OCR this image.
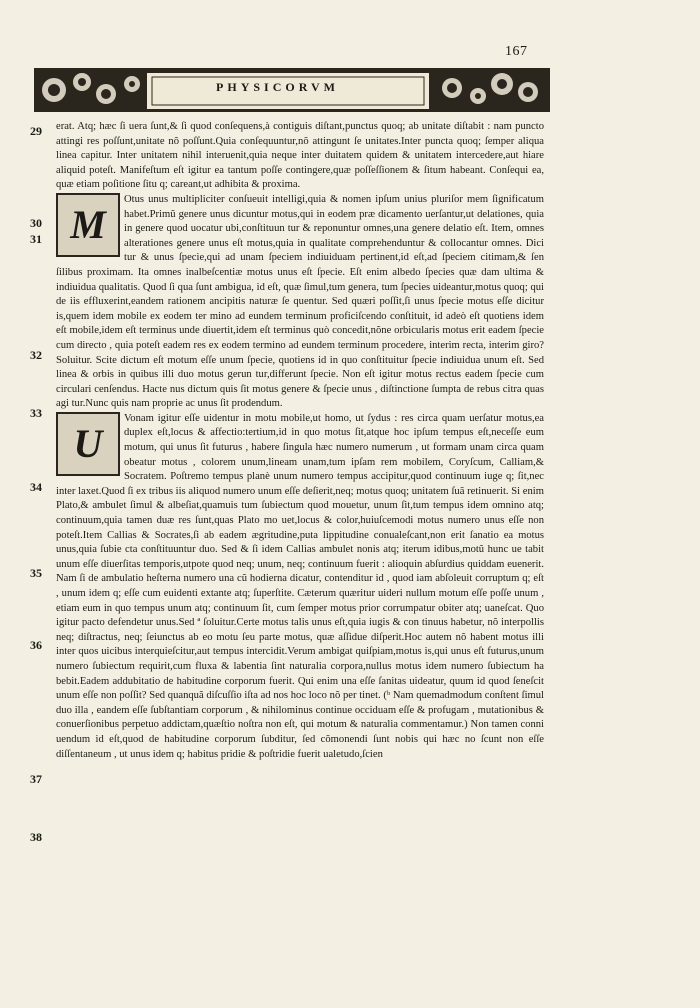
167
PHYSICORVM
29
30
31
32
33
34
35
36
37
38

erat. Atq; hæc ſi uera ſunt,& ſi quod conſequens,à contiguis diſtant,punctus quoq; ab unitate diſtabit : nam puncto attingi res poſſunt,unitate nõ poſſunt.Quia conſequuntur,nõ attingunt ſe unitates.Inter puncta quoq; ſemper aliqua linea capitur. Inter unitatem nihil interuenit,quia neque inter duitatem quidem & unitatem intercedere,aut hiare aliquid poteſt. Manifeſtum eſt igitur ea tantum poſſe contingere,quæ poſſeſſionem & ſitum habeant. Conſequi ea, quæ etiam poſitione ſitu q; careant,ut adhibita & proxima.

M
Otus unus multipliciter conſueuit intelligi,quia & nomen ipſum unius pluriſor mem ſignificatum habet.Primũ genere unus dicuntur motus,qui in eodem præ dicamento uerſantur,ut delationes, quia in genere quod uocatur ubi,conſtituun tur & reponuntur omnes,una genere delatio eſt. Item, omnes alterationes genere unus eſt motus,quia in qualitate comprehenduntur & collocantur omnes. Dici tur & unus ſpecie,qui ad unam ſpeciem indiuiduam pertinent,id eſt,ad ſpeciem citimam,& ſen ſilibus proximam. Ita omnes inalbeſcentiæ motus unus eſt ſpecie. Eſt enim albedo ſpecies quæ dam ultima & indiuidua qualitatis. Quod ſi qua ſunt ambigua, id eſt, quæ ſimul,tum genera, tum ſpecies uideantur,motus quoq; qui de iis effluxerint,eandem rationem ancipitis naturæ ſe quentur. Sed quæri poſſit,ſi unus ſpecie motus eſſe dicitur is,quem idem mobile ex eodem ter mino ad eundem terminum proficiſcendo conſtituit, id adeò eſt quotiens idem eſt mobile,idem eſt terminus unde diuertit,idem eſt terminus quò concedit,nõne orbicularis motus erit eadem ſpecie cum directo , quia poteſt eadem res ex eodem termino ad eundem terminum procedere, interim recta, interim giro? Soluitur. Scite dictum eſt motum eſſe unum ſpecie, quotiens id in quo conſtituitur ſpecie indiuidua unum eſt. Sed linea & orbis in quibus illi duo motus gerun tur,differunt ſpecie. Non eſt igitur motus rectus eadem ſpecie cum circulari cenſendus. Hacte nus dictum quis ſit motus genere & ſpecie unus , diſtinctione ſumpta de rebus citra quas agi tur.Nunc quis nam proprie ac unus ſit prodendum.
U
Vonam igitur eſſe uidentur in motu mobile,ut homo, ut ſydus : res circa quam uerſatur motus,ea duplex eſt,locus & affectio:tertium,id in quo motus ſit,atque hoc ipſum tempus eſt,neceſſe eum motum, qui unus ſit futurus , habere ſingula hæc numero numerum , ut formam unam circa quam obeatur motus , colorem unum,lineam unam,tum ipſam rem mobilem, Coryſcum, Calliam,& Socratem. Poſtremo tempus planè unum numero tempus accipitur,quod continuum iuge q; ſit,nec inter laxet.Quod ſi ex tribus iis aliquod numero unum eſſe deſierit,neq; motus quoq; unitatem ſuã retinuerit. Si enim Plato,& ambulet ſimul & albeſiat,quamuis tum ſubiectum quod mouetur, unum ſit,tum tempus idem omnino atq; continuum,quia tamen duæ res ſunt,quas Plato mo uet,locus & color,huiuſcemodi motus numero unus eſſe non poteſt.Item Callias & Socrates,ſi ab eadem ægritudine,puta lippitudine conualeſcant,non erit ſanatio ea motus unus,quia ſubie cta conſtituuntur duo. Sed & ſi idem Callias ambulet nonis atq; iterum idibus,motũ hunc ue tabit unum eſſe diuerſitas temporis,utpote quod neq; unum, neq; continuum fuerit : alioquin abſurdius quiddam euenerit. Nam ſi de ambulatio heſterna numero una cũ hodierna dicatur, contenditur id , quod iam abſoleuit corruptum q; eſt , unum idem q; eſſe cum euidenti extante atq; ſuperſtite. Cæterum quæritur uideri nullum motum eſſe poſſe unum , etiam eum in quo tempus unum atq; continuum ſit, cum ſemper motus prior corrumpatur obiter atq; uaneſcat. Quo igitur pacto defendetur unus.Sed ª ſoluitur.Certe motus talis unus eſt,quia iugis & con tinuus habetur, nõ interpollis neq; diſtractus, neq; ſeiunctus ab eo motu ſeu parte motus, quæ aſſidue diſperit.Hoc autem nõ habent motus illi inter quos uicibus interquieſcitur,aut tempus intercidit.Verum ambigat quiſpiam,motus is,qui unus eſt futurus,unum numero ſubiectum requirit,cum fluxa & labentia ſint naturalia corpora,nullus motus idem numero ſubiectum ha bebit.Eadem addubitatio de habitudine corporum fuerit. Qui enim una eſſe ſanitas uideatur, quum id quod ſeneſcit unum eſſe non poſſit? Sed quanquã diſcuſſio iſta ad nos hoc loco nõ per tinet. (ᵇ Nam quemadmodum conſtent ſimul duo illa , eandem eſſe ſubſtantiam corporum , & nihilominus continue occiduam eſſe & profugam , mutationibus & conuerſionibus perpetuo addictam,quæſtio noſtra non eſt, qui motum & naturalia commentamur.) Non tamen conni uendum id eſt,quod de habitudine corporum ſubditur, ſed cõmonendi ſunt nobis qui hæc no ſcunt non eſſe diſſentaneum , ut unus idem q; habitus pridie & poſtridie fuerit ualetudo,ſcien
